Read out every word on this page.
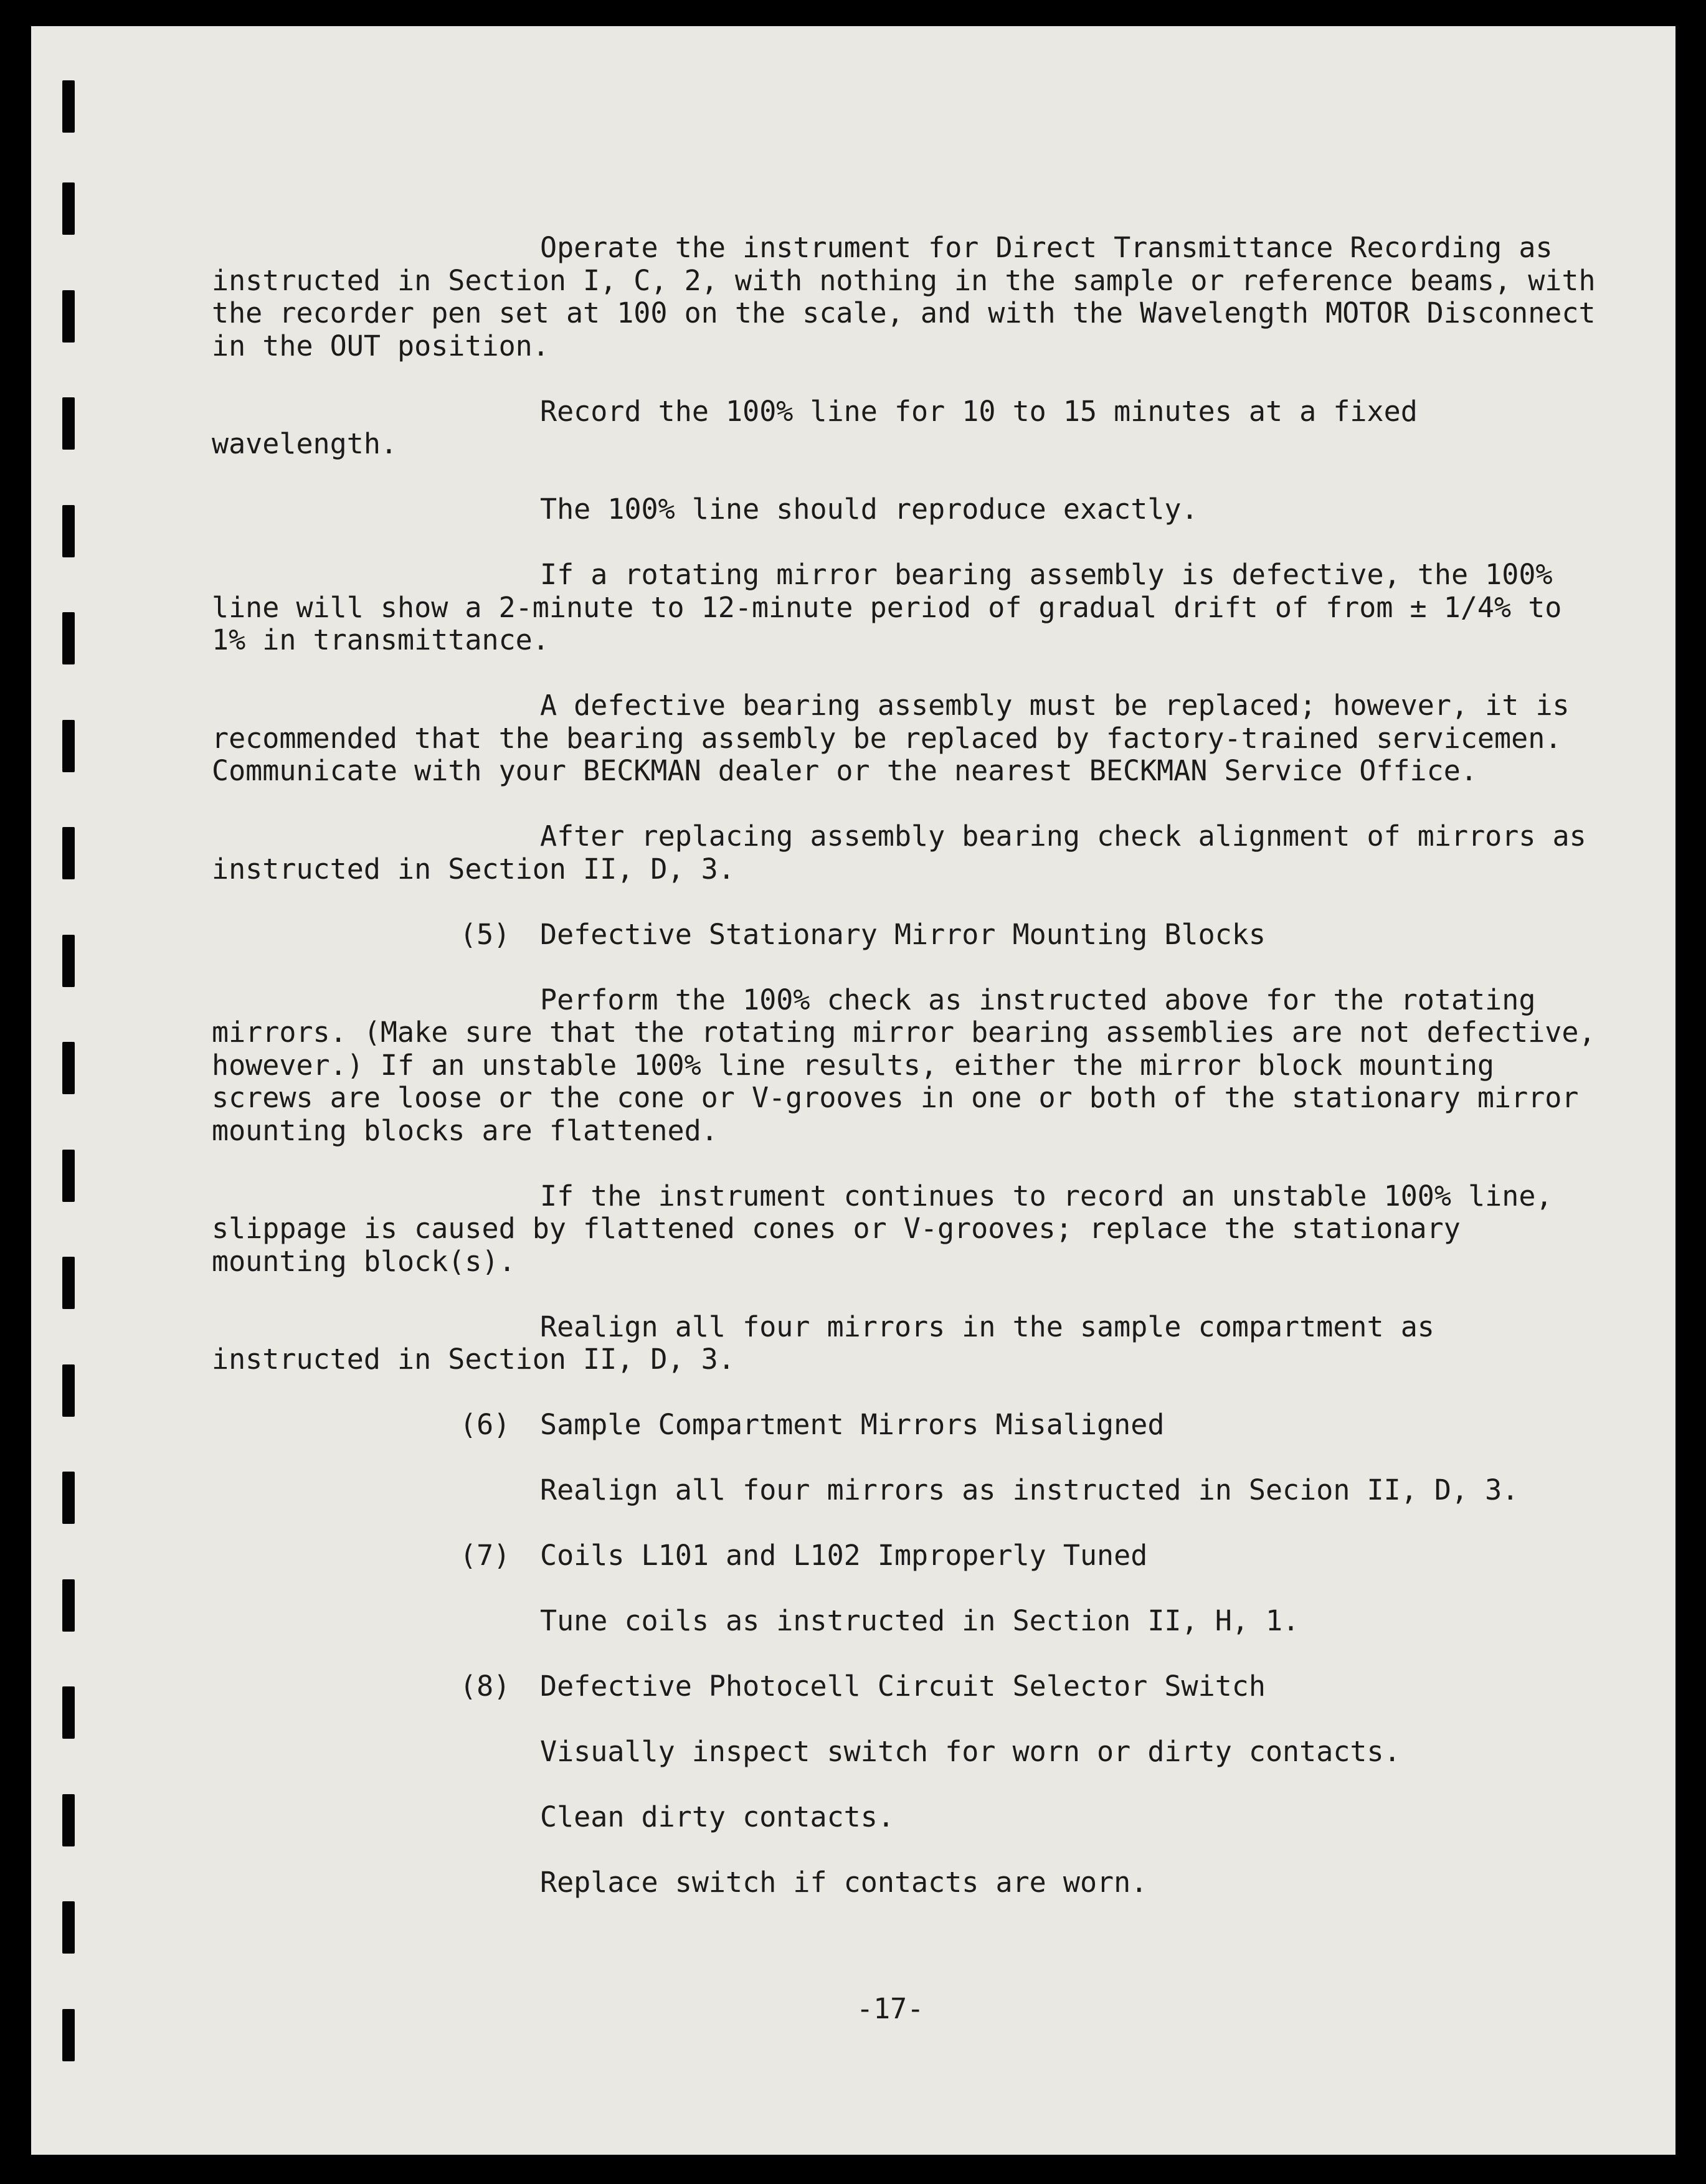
Operate the instrument for Direct Transmittance Recording as instructed in Section I, C, 2, with nothing in the sample or reference beams, with the recorder pen set at 100 on the scale, and with the Wavelength MOTOR Disconnect in the OUT position.

Record the 100% line for 10 to 15 minutes at a fixed wavelength.

The 100% line should reproduce exactly.

If a rotating mirror bearing assembly is defective, the 100% line will show a 2-minute to 12-minute period of gradual drift of from ± 1/4% to 1% in transmittance.

A defective bearing assembly must be replaced; however, it is recommended that the bearing assembly be replaced by factory-trained servicemen. Communicate with your BECKMAN dealer or the nearest BECKMAN Service Office.

After replacing assembly bearing check alignment of mirrors as instructed in Section II, D, 3.

(5) Defective Stationary Mirror Mounting Blocks

Perform the 100% check as instructed above for the rotating mirrors. (Make sure that the rotating mirror bearing assemblies are not defective, however.) If an unstable 100% line results, either the mirror block mounting screws are loose or the cone or V-grooves in one or both of the stationary mirror mounting blocks are flattened.

If the instrument continues to record an unstable 100% line, slippage is caused by flattened cones or V-grooves; replace the stationary mounting block(s).

Realign all four mirrors in the sample compartment as instructed in Section II, D, 3.

(6) Sample Compartment Mirrors Misaligned

Realign all four mirrors as instructed in Secion II, D, 3.

(7) Coils L101 and L102 Improperly Tuned

Tune coils as instructed in Section II, H, 1.

(8) Defective Photocell Circuit Selector Switch

Visually inspect switch for worn or dirty contacts.

Clean dirty contacts.

Replace switch if contacts are worn.

-17-
